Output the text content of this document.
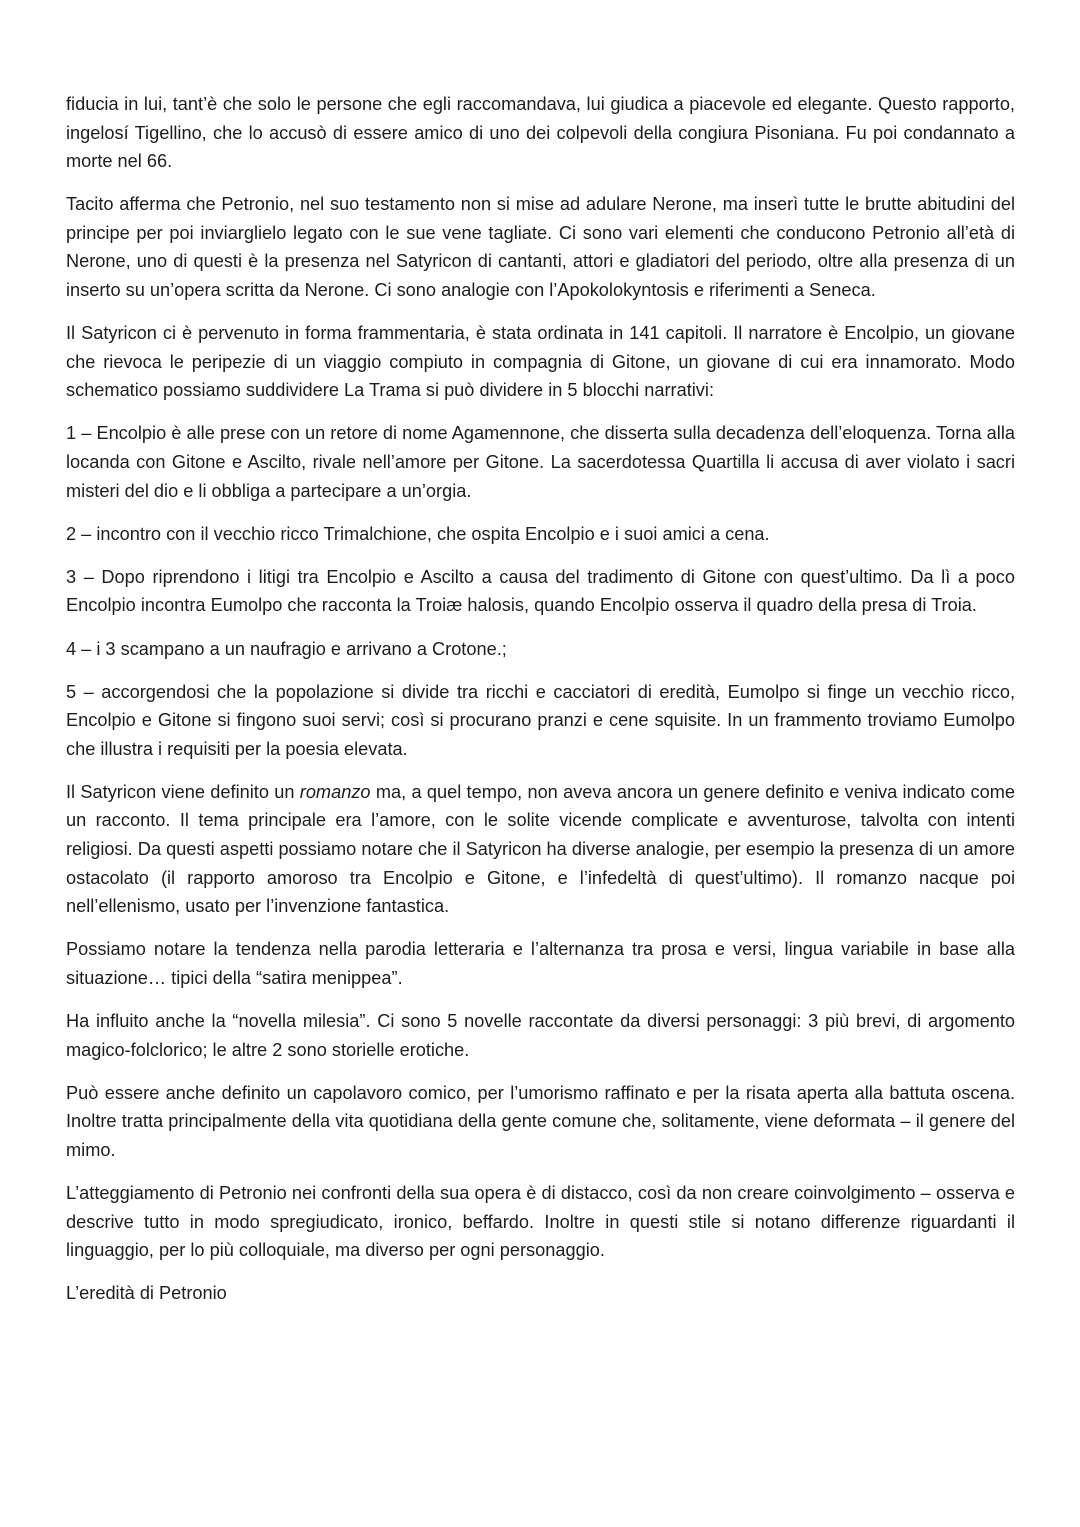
fiducia in lui, tant’è che solo le persone che egli raccomandava, lui giudica a piacevole ed elegante. Questo rapporto, ingelosí Tigellino, che lo accusò di essere amico di uno dei colpevoli della congiura Pisoniana. Fu poi condannato a morte nel 66.

Tacito afferma che Petronio, nel suo testamento non si mise ad adulare Nerone, ma inserì tutte le brutte abitudini del principe per poi inviarglielo legato con le sue vene tagliate. Ci sono vari elementi che conducono Petronio all’età di Nerone, uno di questi è la presenza nel Satyricon di cantanti, attori e gladiatori del periodo, oltre alla presenza di un inserto su un’opera scritta da Nerone. Ci sono analogie con l’Apokolokyntosis e riferimenti a Seneca.

Il Satyricon ci è pervenuto in forma frammentaria, è stata ordinata in 141 capitoli. Il narratore è Encolpio, un giovane che rievoca le peripezie di un viaggio compiuto in compagnia di Gitone, un giovane di cui era innamorato. Modo schematico possiamo suddividere La Trama si può dividere in 5 blocchi narrativi:

1 – Encolpio è alle prese con un retore di nome Agamennone, che disserta sulla decadenza dell’eloquenza. Torna alla locanda con Gitone e Ascilto, rivale nell’amore per Gitone. La sacerdotessa Quartilla li accusa di aver violato i sacri misteri del dio e li obbliga a partecipare a un’orgia.

2 – incontro con il vecchio ricco Trimalchione, che ospita Encolpio e i suoi amici a cena.

3 – Dopo riprendono i litigi tra Encolpio e Ascilto a causa del tradimento di Gitone con quest’ultimo. Da lì a poco Encolpio incontra Eumolpo che racconta la Troiæ halosis, quando Encolpio osserva il quadro della presa di Troia.

4 – i 3 scampano a un naufragio e arrivano a Crotone.;

5 – accorgendosi che la popolazione si divide tra ricchi e cacciatori di eredità, Eumolpo si finge un vecchio ricco, Encolpio e Gitone si fingono suoi servi; così si procurano pranzi e cene squisite. In un frammento troviamo Eumolpo che illustra i requisiti per la poesia elevata.

Il Satyricon viene definito un romanzo ma, a quel tempo, non aveva ancora un genere definito e veniva indicato come un racconto. Il tema principale era l’amore, con le solite vicende complicate e avventurose, talvolta con intenti religiosi. Da questi aspetti possiamo notare che il Satyricon ha diverse analogie, per esempio la presenza di un amore ostacolato (il rapporto amoroso tra Encolpio e Gitone, e l’infedeltà di quest’ultimo). Il romanzo nacque poi nell’ellenismo, usato per l’invenzione fantastica.

Possiamo notare la tendenza nella parodia letteraria e l’alternanza tra prosa e versi, lingua variabile in base alla situazione… tipici della “satira menippea”.

Ha influito anche la “novella milesia”. Ci sono 5 novelle raccontate da diversi personaggi: 3 più brevi, di argomento magico-folclorico; le altre 2 sono storielle erotiche.

Può essere anche definito un capolavoro comico, per l’umorismo raffinato e per la risata aperta alla battuta oscena. Inoltre tratta principalmente della vita quotidiana della gente comune che, solitamente, viene deformata – il genere del mimo.

L’atteggiamento di Petronio nei confronti della sua opera è di distacco, così da non creare coinvolgimento – osserva e descrive tutto in modo spregiudicato, ironico, beffardo. Inoltre in questi stile si notano differenze riguardanti il linguaggio, per lo più colloquiale, ma diverso per ogni personaggio.

L’eredità di Petronio
